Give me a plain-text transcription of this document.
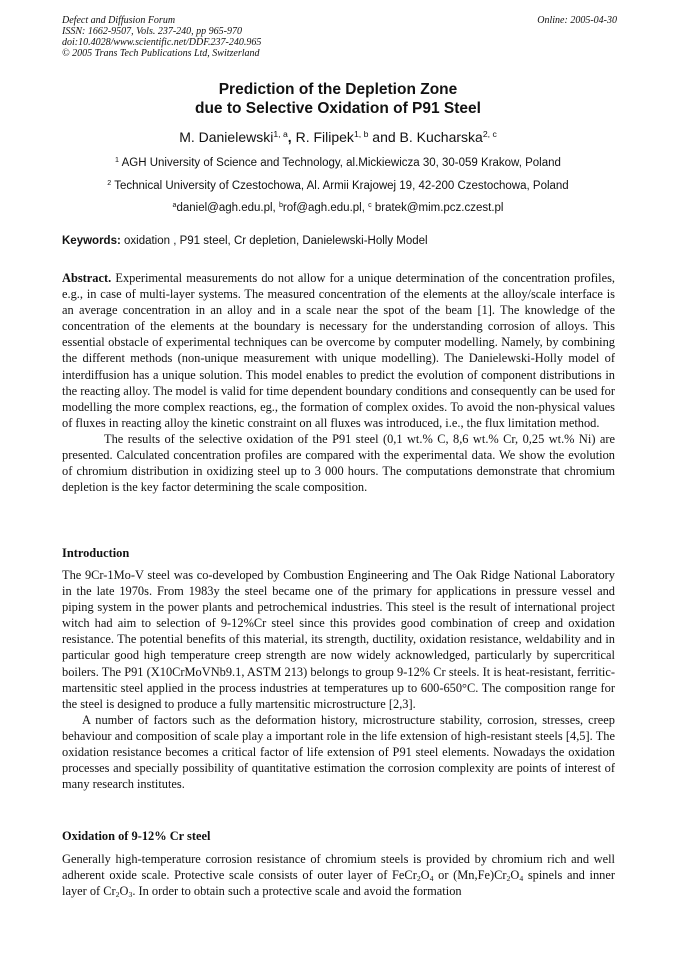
Defect and Diffusion Forum
ISSN: 1662-9507, Vols. 237-240, pp 965-970
doi:10.4028/www.scientific.net/DDF.237-240.965
© 2005 Trans Tech Publications Ltd, Switzerland
Online: 2005-04-30
Prediction of the Depletion Zone
due to Selective Oxidation of P91 Steel
M. Danielewski$^{1, a}$, R. Filipek$^{1, b}$ and B. Kucharska$^{2, c}$
$^1$ AGH University of Science and Technology, al.Mickiewicza 30, 30-059 Krakow, Poland
$^2$ Technical University of Czestochowa, Al. Armii Krajowej 19, 42-200 Czestochowa, Poland
$^a$daniel@agh.edu.pl, $^b$rof@agh.edu.pl, $^c$ bratek@mim.pcz.czest.pl
Keywords: oxidation , P91 steel, Cr depletion, Danielewski-Holly Model

Abstract. Experimental measurements do not allow for a unique determination of the concentration profiles, e.g., in case of multi-layer systems. The measured concentration of the elements at the alloy/scale interface is an average concentration in an alloy and in a scale near the spot of the beam [1]. The knowledge of the concentration of the elements at the boundary is necessary for the understanding corrosion of alloys. This essential obstacle of experimental techniques can be overcome by computer modelling. Namely, by combining the different methods (non-unique measurement with unique modelling). The Danielewski-Holly model of interdiffusion has a unique solution. This model enables to predict the evolution of component distributions in the reacting alloy. The model is valid for time dependent boundary conditions and consequently can be used for modelling the more complex reactions, eg., the formation of complex oxides. To avoid the non-physical values of fluxes in reacting alloy the kinetic constraint on all fluxes was introduced, i.e., the flux limitation method.

The results of the selective oxidation of the P91 steel (0,1 wt.% C, 8,6 wt.% Cr, 0,25 wt.% Ni) are presented. Calculated concentration profiles are compared with the experimental data. We show the evolution of chromium distribution in oxidizing steel up to 3 000 hours. The computations demonstrate that chromium depletion is the key factor determining the scale composition.

Introduction

The 9Cr-1Mo-V steel was co-developed by Combustion Engineering and The Oak Ridge National Laboratory in the late 1970s. From 1983y the steel became one of the primary for applications in pressure vessel and piping system in the power plants and petrochemical industries. This steel is the result of international project witch had aim to selection of 9-12%Cr steel since this provides good combination of creep and oxidation resistance. The potential benefits of this material, its strength, ductility, oxidation resistance, weldability and in particular good high temperature creep strength are now widely acknowledged, particularly by supercritical boilers. The P91 (X10CrMoVNb9.1, ASTM 213) belongs to group 9-12% Cr steels. It is heat-resistant, ferritic-martensitic steel applied in the process industries at temperatures up to 600-650°C. The composition range for the steel is designed to produce a fully martensitic microstructure [2,3].

A number of factors such as the deformation history, microstructure stability, corrosion, stresses, creep behaviour and composition of scale play a important role in the life extension of high-resistant steels [4,5]. The oxidation resistance becomes a critical factor of life extension of P91 steel elements. Nowadays the oxidation processes and specially possibility of quantitative estimation the corrosion complexity are points of interest of many research institutes.

Oxidation of 9-12% Cr steel

Generally high-temperature corrosion resistance of chromium steels is provided by chromium rich and well adherent oxide scale. Protective scale consists of outer layer of $FeCr_2O_4$ or $(Mn,Fe)Cr_2O_4$ spinels and inner layer of $Cr_2O_3$. In order to obtain such a protective scale and avoid the formation
